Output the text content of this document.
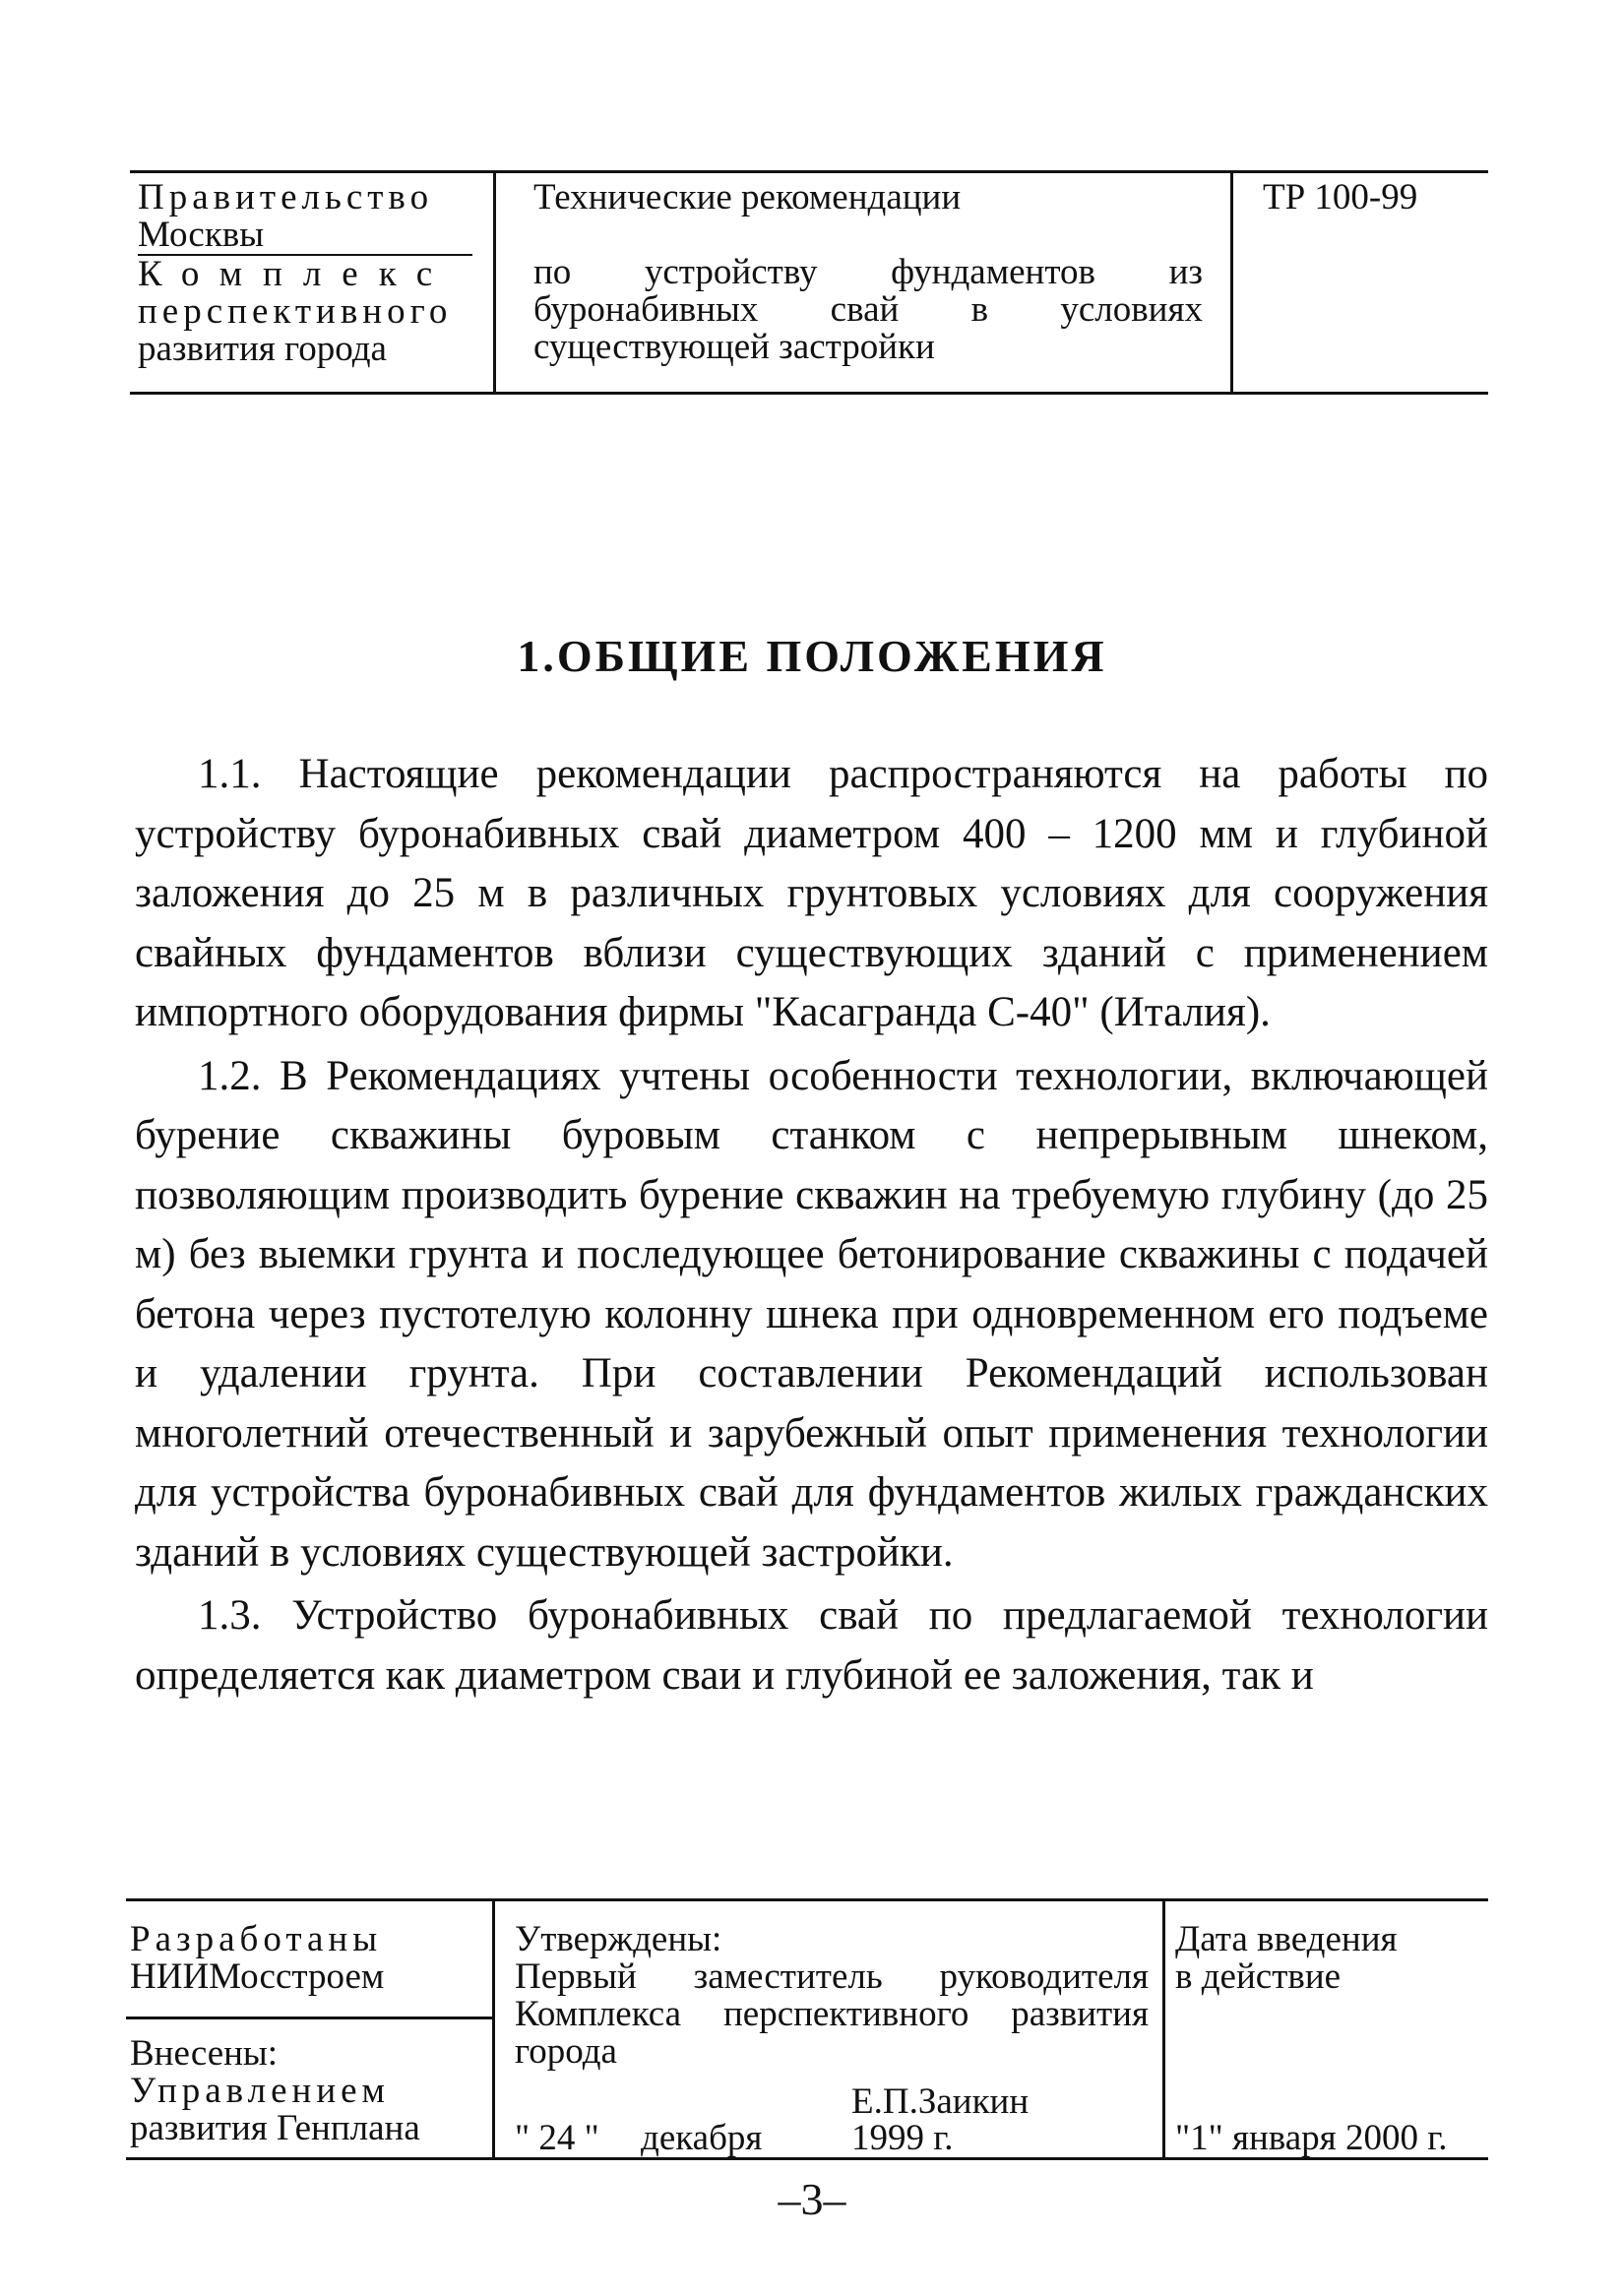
Правительство
Москвы
Комплекс
перспективного
развития города
Технические рекомендации
по устройству фундаментов из
буронабивных свай в условиях
существующей застройки
ТР 100-99
1.ОБЩИЕ ПОЛОЖЕНИЯ

1.1. Настоящие рекомендации распространяются на работы по устройству буронабивных свай диаметром 400 – 1200 мм и глубиной заложения до 25 м в различных грунтовых условиях для сооружения свайных фундаментов вблизи существующих зданий с применением импортного оборудования фирмы "Касагранда С-40" (Италия).

1.2. В Рекомендациях учтены особенности технологии, включающей бурение скважины буровым станком с непрерывным шнеком, позволяющим производить бурение скважин на требуемую глубину (до 25 м) без выемки грунта и последующее бетонирование скважины с подачей бетона через пустотелую колонну шнека при одновременном его подъеме и удалении грунта. При составлении Рекомендаций использован многолетний отечественный и зарубежный опыт применения технологии для устройства буронабивных свай для фундаментов жилых гражданских зданий в условиях существующей застройки.

1.3. Устройство буронабивных свай по предлагаемой технологии определяется как диаметром сваи и глубиной ее заложения, так и

Разработаны
НИИМосстроем
Внесены:
Управлением
развития Генплана
Утверждены:
Первый заместитель руководителя
Комплекса перспективного развития
города
Е.П.Заикин
" 24 " декабря 1999 г.
Дата введения
в действие
"1" января 2000 г.
–3–
